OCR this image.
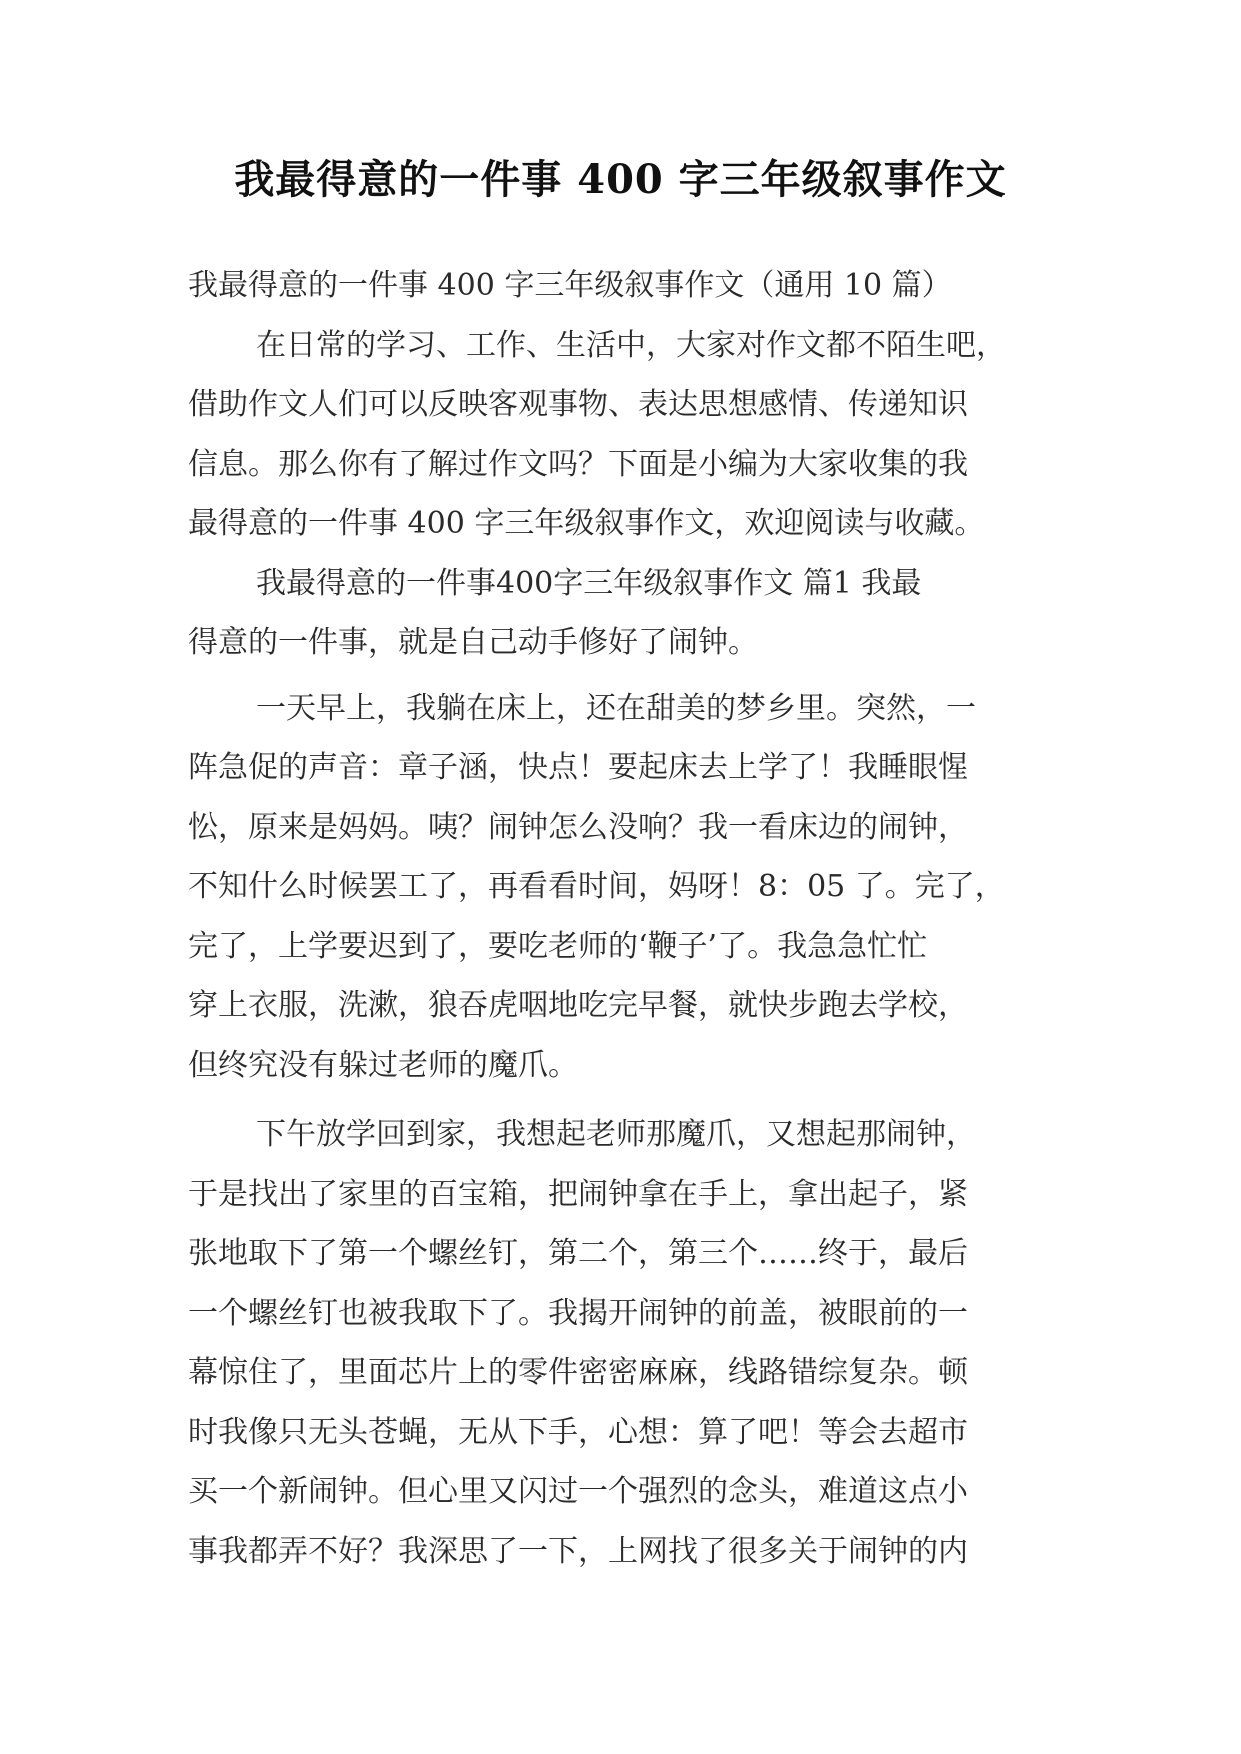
我最得意的一件事 400 字三年级叙事作文
我最得意的一件事 400 字三年级叙事作文（通用 10 篇）
在日常的学习、工作、生活中，大家对作文都不陌生吧，
借助作文人们可以反映客观事物、表达思想感情、传递知识
信息。那么你有了解过作文吗？下面是小编为大家收集的我
最得意的一件事 400 字三年级叙事作文，欢迎阅读与收藏。
我最得意的一件事400字三年级叙事作文 篇1 我最
得意的一件事，就是自己动手修好了闹钟。
一天早上，我躺在床上，还在甜美的梦乡里。突然，一
阵急促的声音：章子涵，快点！要起床去上学了！我睡眼惺
忪，原来是妈妈。咦？闹钟怎么没响？我一看床边的闹钟，
不知什么时候罢工了，再看看时间，妈呀！8：05 了。完了，
完了，上学要迟到了，要吃老师的‘鞭子’了。我急急忙忙
穿上衣服，洗漱，狼吞虎咽地吃完早餐，就快步跑去学校，
但终究没有躲过老师的魔爪。
下午放学回到家，我想起老师那魔爪，又想起那闹钟，
于是找出了家里的百宝箱，把闹钟拿在手上，拿出起子，紧
张地取下了第一个螺丝钉，第二个，第三个……终于，最后
一个螺丝钉也被我取下了。我揭开闹钟的前盖，被眼前的一
幕惊住了，里面芯片上的零件密密麻麻，线路错综复杂。顿
时我像只无头苍蝇，无从下手，心想：算了吧！等会去超市
买一个新闹钟。但心里又闪过一个强烈的念头，难道这点小
事我都弄不好？我深思了一下，上网找了很多关于闹钟的内
